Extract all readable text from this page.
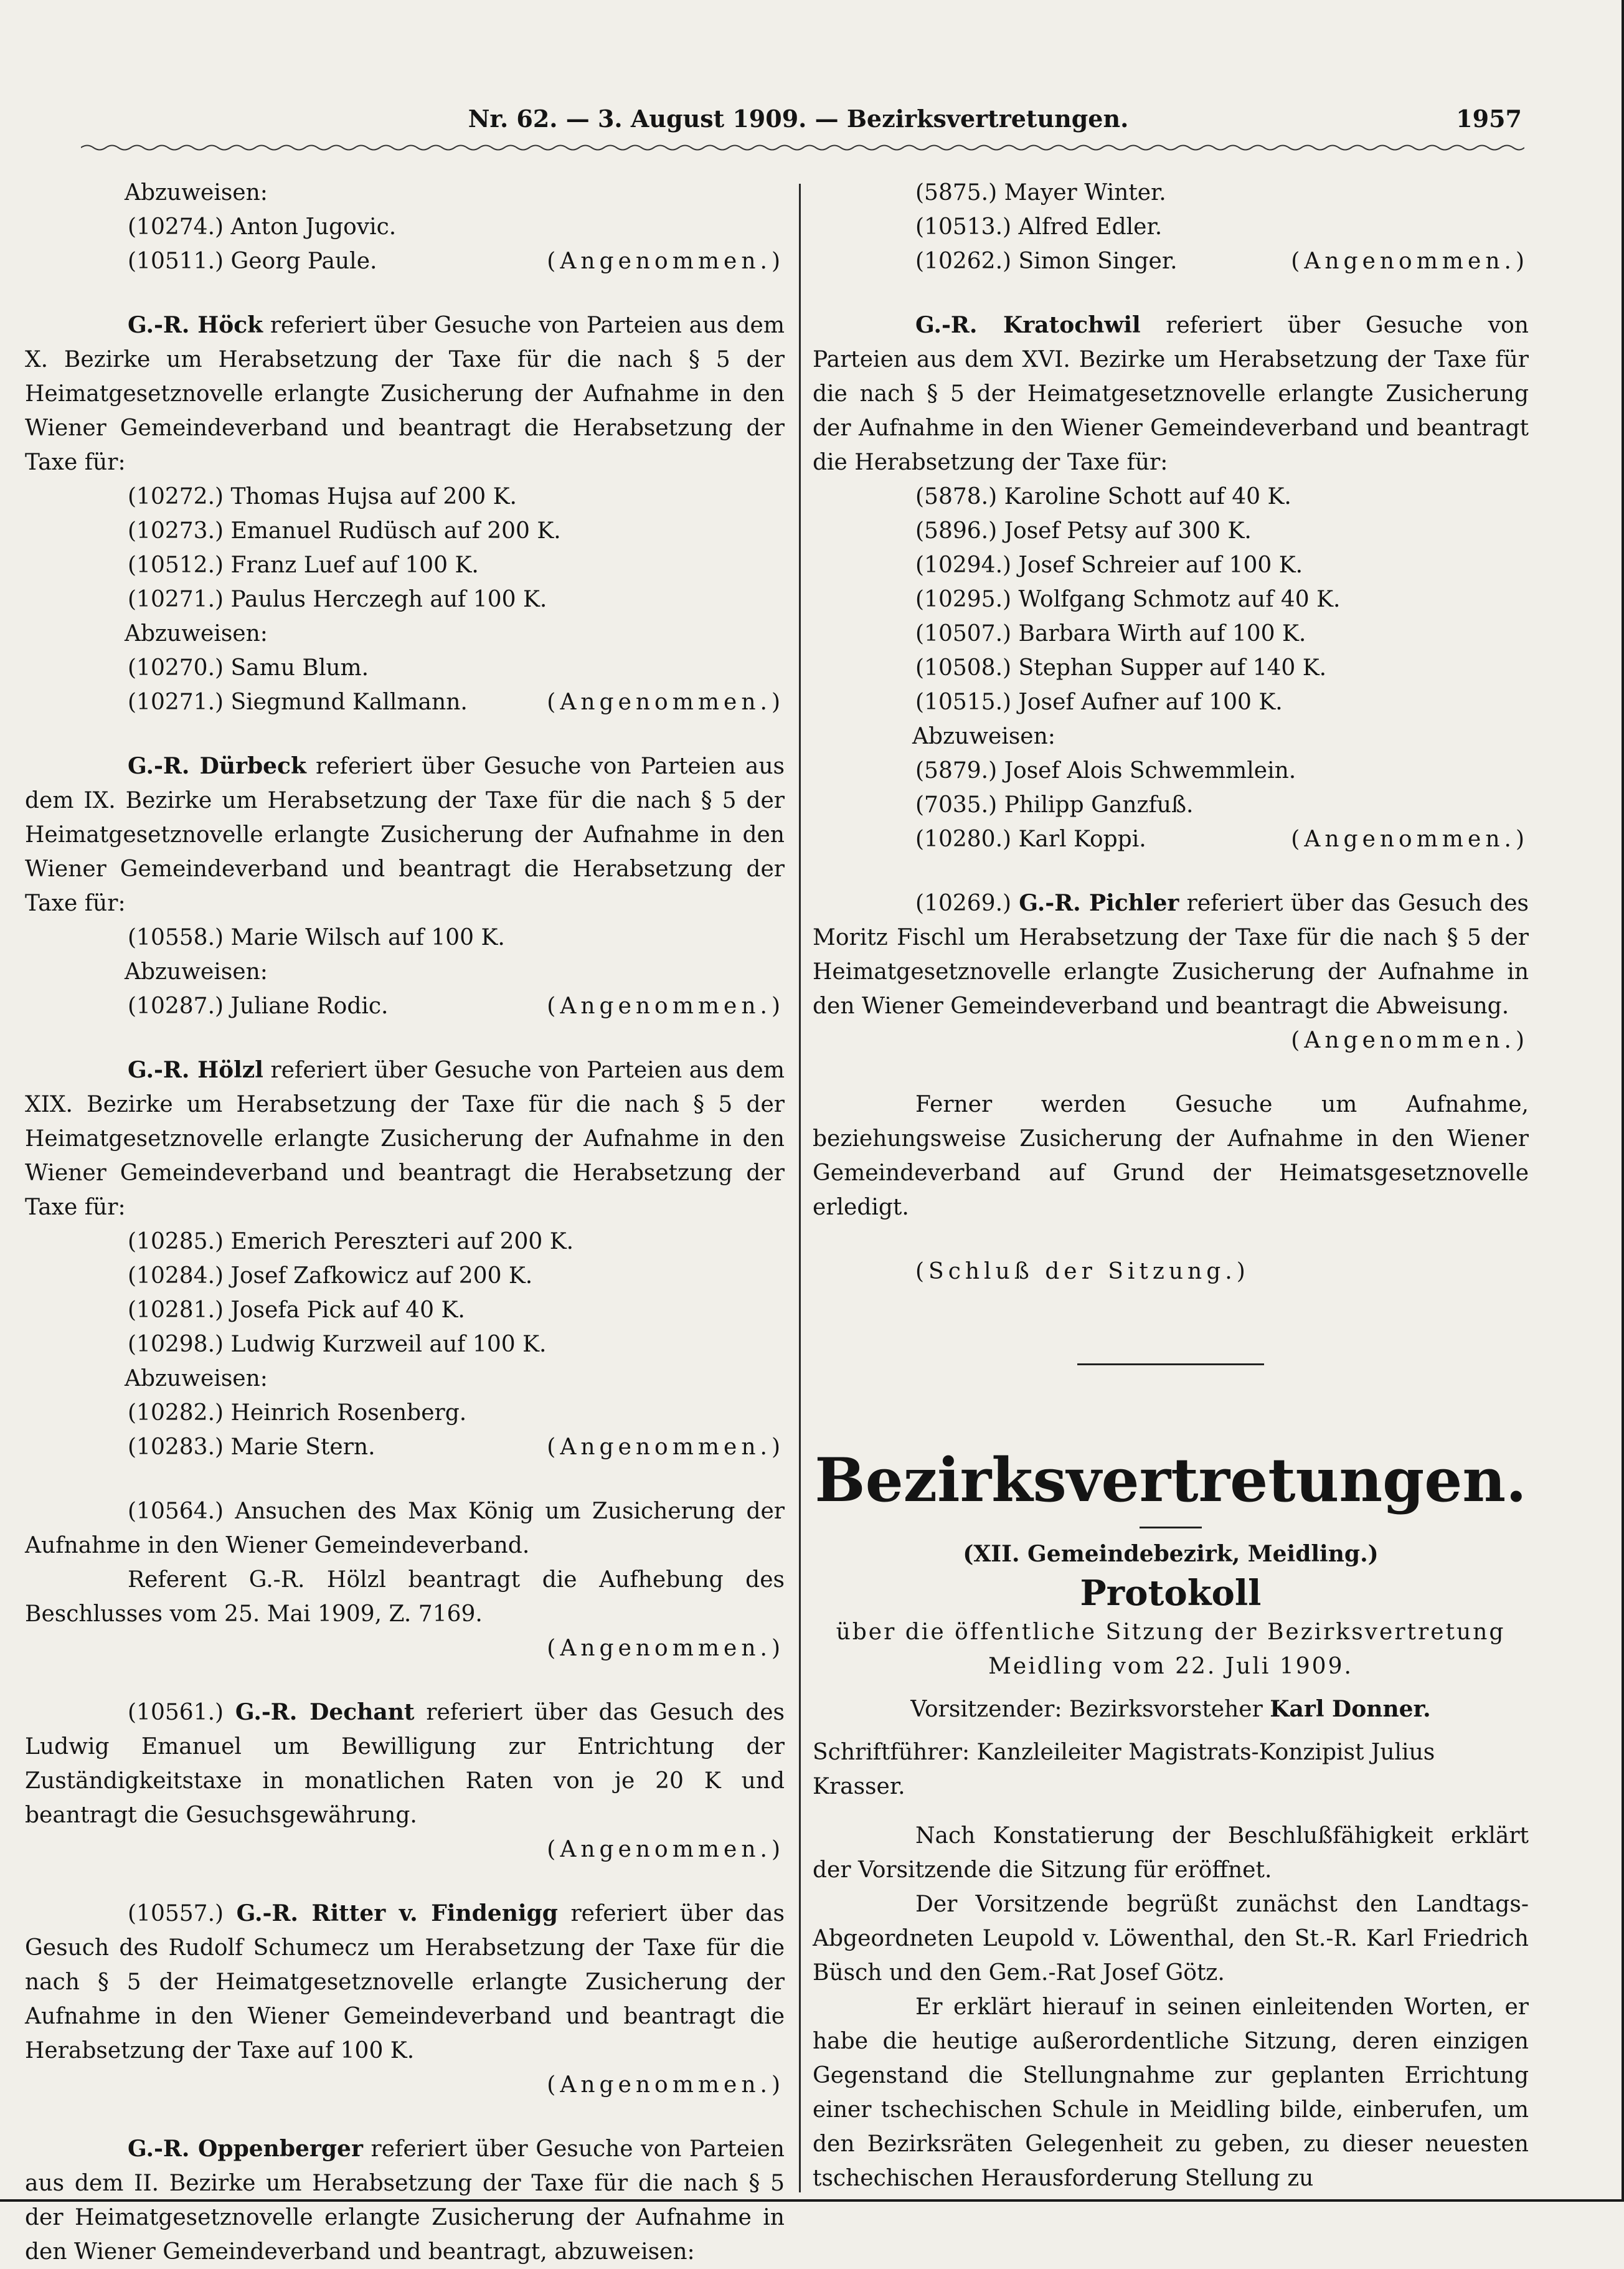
Nr. 62. — 3. August 1909. — Bezirksvertretungen.	1957
Abzuweisen:
(10274.) Anton Jugovic.
(10511.) Georg Paule.	(Angenommen.)

G.-R. Höck referiert über Gesuche von Parteien aus dem X. Bezirke um Herabsetzung der Taxe für die nach § 5 der Heimatgesetznovelle erlangte Zusicherung der Aufnahme in den Wiener Gemeindeverband und beantragt die Herabsetzung der Taxe für:

(10272.) Thomas Hujsa auf 200 K.
(10273.) Emanuel Rudüsch auf 200 K.
(10512.) Franz Luef auf 100 K.
(10271.) Paulus Herczegh auf 100 K.
Abzuweisen:
(10270.) Samu Blum.
(10271.) Siegmund Kallmann.	(Angenommen.)

G.-R. Dürbeck referiert über Gesuche von Parteien aus dem IX. Bezirke um Herabsetzung der Taxe für die nach § 5 der Heimatgesetznovelle erlangte Zusicherung der Aufnahme in den Wiener Gemeindeverband und beantragt die Herabsetzung der Taxe für:

(10558.) Marie Wilsch auf 100 K.
Abzuweisen:
(10287.) Juliane Rodic.	(Angenommen.)

G.-R. Hölzl referiert über Gesuche von Parteien aus dem XIX. Bezirke um Herabsetzung der Taxe für die nach § 5 der Heimatgesetznovelle erlangte Zusicherung der Aufnahme in den Wiener Gemeindeverband und beantragt die Herabsetzung der Taxe für:

(10285.) Emerich Pereszteгi auf 200 K.
(10284.) Josef Zafkowicz auf 200 K.
(10281.) Josefa Pick auf 40 K.
(10298.) Ludwig Kurzweil auf 100 K.
Abzuweisen:
(10282.) Heinrich Rosenberg.
(10283.) Marie Stern.	(Angenommen.)

(10564.) Ansuchen des Max König um Zusicherung der Aufnahme in den Wiener Gemeindeverband.

Referent G.-R. Hölzl beantragt die Aufhebung des Beschlusses vom 25. Mai 1909, Z. 7169.

(Angenommen.)

(10561.) G.-R. Dechant referiert über das Gesuch des Ludwig Emanuel um Bewilligung zur Entrichtung der Zuständigkeitstaxe in monatlichen Raten von je 20 K und beantragt die Gesuchsgewährung.

(Angenommen.)

(10557.) G.-R. Ritter v. Findenigg referiert über das Gesuch des Rudolf Schumecz um Herabsetzung der Taxe für die nach § 5 der Heimatgesetznovelle erlangte Zusicherung der Aufnahme in den Wiener Gemeindeverband und beantragt die Herabsetzung der Taxe auf 100 K.

(Angenommen.)

G.-R. Oppenberger referiert über Gesuche von Parteien aus dem II. Bezirke um Herabsetzung der Taxe für die nach § 5 der Heimatgesetznovelle erlangte Zusicherung der Aufnahme in den Wiener Gemeindeverband und beantragt, abzuweisen:

(5875.) Mayer Winter.
(10513.) Alfred Edler.
(10262.) Simon Singer.	(Angenommen.)

G.-R. Kratochwil referiert über Gesuche von Parteien aus dem XVI. Bezirke um Herabsetzung der Taxe für die nach § 5 der Heimatgesetznovelle erlangte Zusicherung der Aufnahme in den Wiener Gemeindeverband und beantragt die Herabsetzung der Taxe für:

(5878.) Karoline Schott auf 40 K.
(5896.) Josef Petsy auf 300 K.
(10294.) Josef Schreier auf 100 K.
(10295.) Wolfgang Schmotz auf 40 K.
(10507.) Barbara Wirth auf 100 K.
(10508.) Stephan Supper auf 140 K.
(10515.) Josef Aufner auf 100 K.
Abzuweisen:
(5879.) Josef Alois Schwemmlein.
(7035.) Philipp Ganzfuß.
(10280.) Karl Koppi.	(Angenommen.)

(10269.) G.-R. Pichler referiert über das Gesuch des Moritz Fischl um Herabsetzung der Taxe für die nach § 5 der Heimatgesetznovelle erlangte Zusicherung der Aufnahme in den Wiener Gemeindeverband und beantragt die Abweisung.

(Angenommen.)

Ferner werden Gesuche um Aufnahme, beziehungsweise Zusicherung der Aufnahme in den Wiener Gemeindeverband auf Grund der Heimatsgesetznovelle erledigt.

(Schluß der Sitzung.)
Bezirksvertretungen.
(XII. Gemeindebezirk, Meidling.)
Protokoll
über die öffentliche Sitzung der Bezirksvertretung
Meidling vom 22. Juli 1909.
Vorsitzender: Bezirksvorsteher Karl Donner.
Schriftführer: Kanzleileiter Magistrats-Konzipist Julius Krasser.

Nach Konstatierung der Beschlußfähigkeit erklärt der Vorsitzende die Sitzung für eröffnet.

Der Vorsitzende begrüßt zunächst den Landtags-Abgeordneten Leupold v. Löwenthal, den St.-R. Karl Friedrich Büsch und den Gem.-Rat Josef Götz.

Er erklärt hierauf in seinen einleitenden Worten, er habe die heutige außerordentliche Sitzung, deren einzigen Gegenstand die Stellungnahme zur geplanten Errichtung einer tschechischen Schule in Meidling bilde, einberufen, um den Bezirksräten Gelegenheit zu geben, zu dieser neuesten tschechischen Herausforderung Stellung zu
